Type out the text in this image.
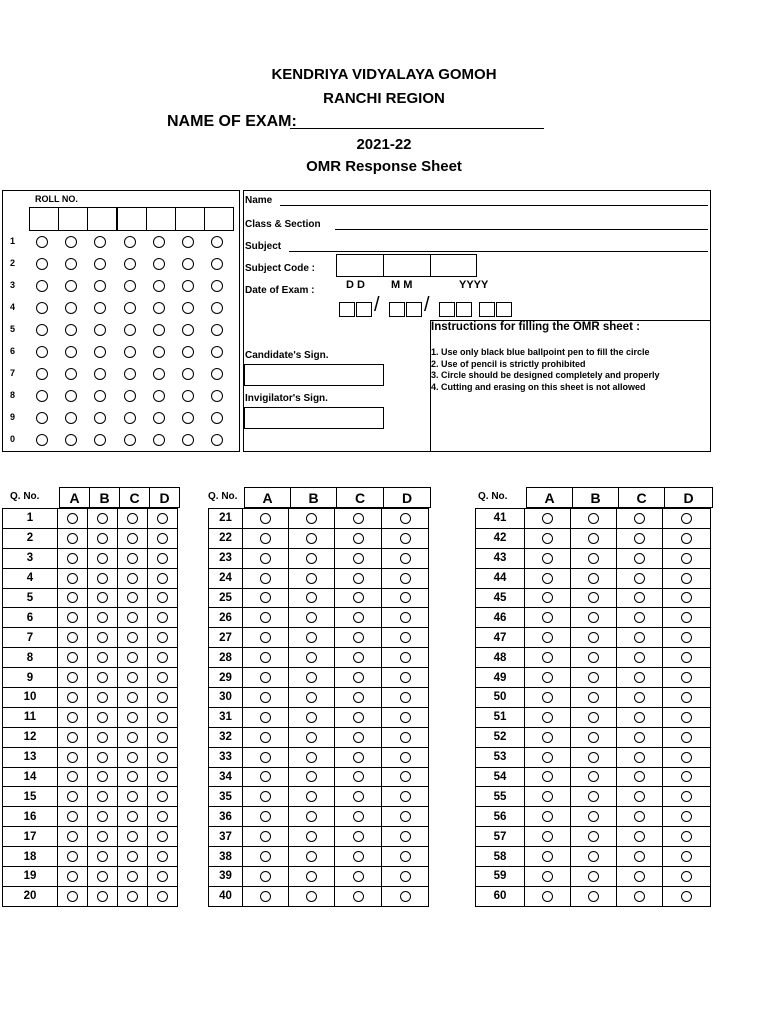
KENDRIYA VIDYALAYA GOMOH
RANCHI REGION
NAME OF EXAM:
2021-22
OMR Response Sheet
ROLL NO.
1
2
3
4
5
6
7
8
9
0
Name
Class & Section
Subject
Subject Code :
Date of Exam :	D D M M	YYYY
/ /
Candidate's Sign.
Invigilator's Sign.
Instructions for filling the OMR sheet :
1. Use only black blue ballpoint pen to fill the circle
2. Use of pencil is strictly prohibited
3. Circle should be designed completely and properly
4. Cutting and erasing on this sheet is not allowed
Q. No. A	B	C	D
1				
2				
3				
4				
5				
6				
7				
8				
9				
10				
11				
12				
13				
14				
15				
16				
17				
18				
19				
20				
Q. No. A	B	C	D
21				
22				
23				
24				
25				
26				
27				
28				
29				
30				
31				
32				
33				
34				
35				
36				
37				
38				
39				
40				
Q. No.	A	B	C	D
41				
42				
43				
44				
45				
46				
47				
48				
49				
50				
51				
52				
53				
54				
55				
56				
57				
58				
59				
60				
